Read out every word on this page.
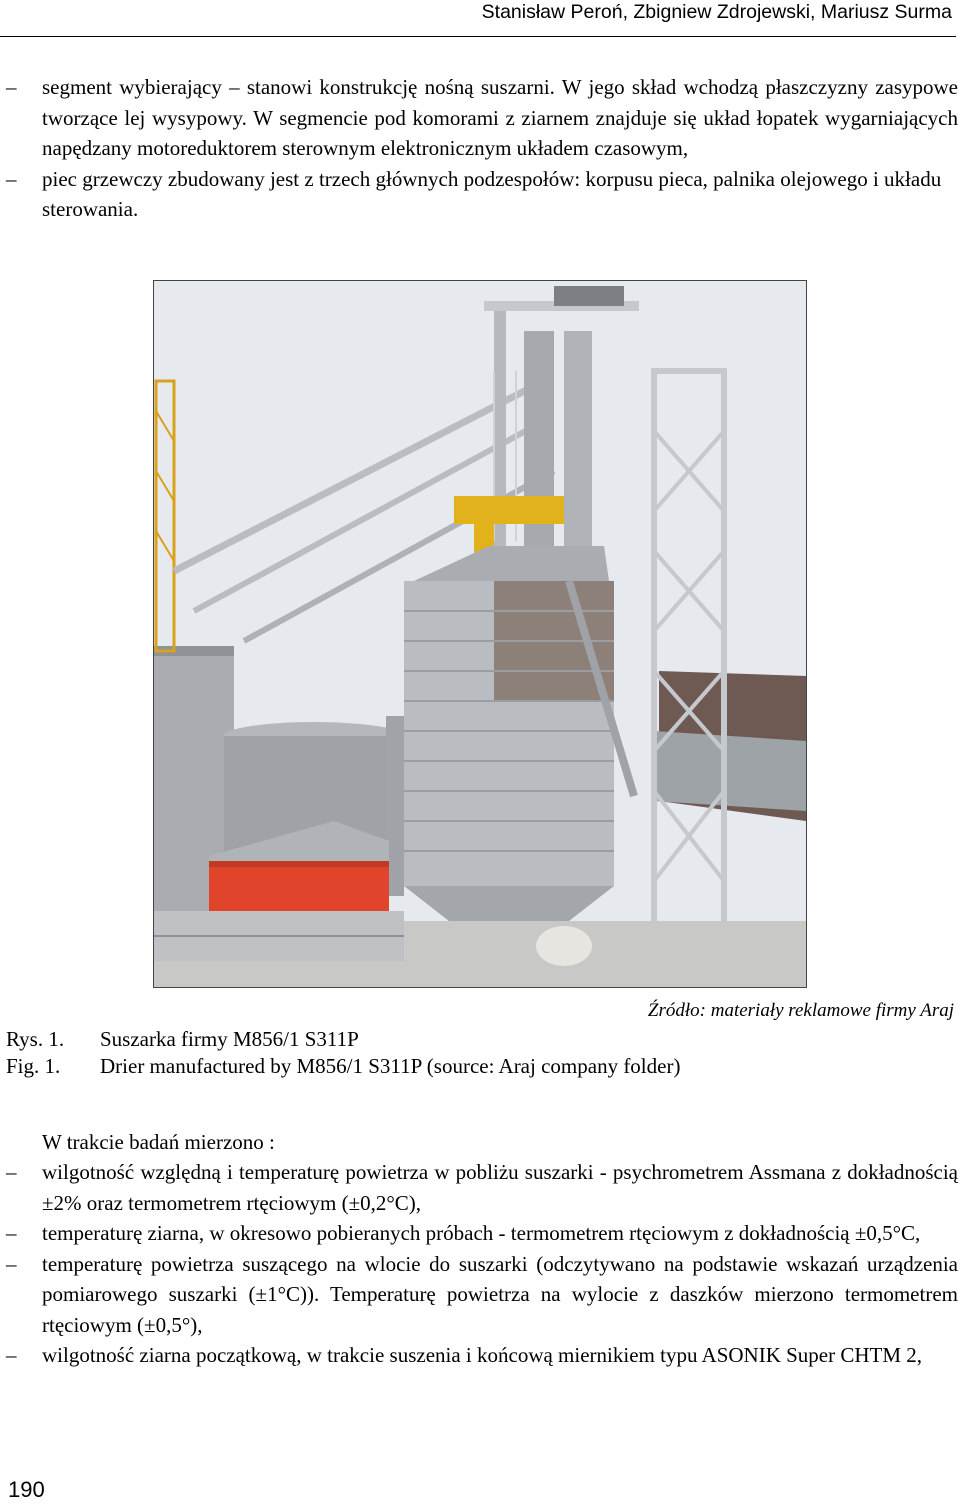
Stanisław Peroń, Zbigniew Zdrojewski, Mariusz Surma
– segment wybierający – stanowi konstrukcję nośną suszarni. W jego skład wchodzą płaszczyzny zasypowe tworzące lej wysypowy. W segmencie pod komorami z ziarnem znajduje się układ łopatek wygarniających napędzany motoreduktorem sterownym elektronicznym układem czasowym,
– piec grzewczy zbudowany jest z trzech głównych podzespołów: korpusu pieca, palnika olejowego i układu sterowania.
Źródło: materiały reklamowe firmy Araj
Rys. 1. Suszarka firmy M856/1 S311P
Fig. 1. Drier manufactured by M856/1 S311P (source: Araj company folder)
W trakcie badań mierzono :
– wilgotność względną i temperaturę powietrza w pobliżu suszarki - psychrometrem Assmana z dokładnością ±2% oraz termometrem rtęciowym (±0,2°C),
– temperaturę ziarna, w okresowo pobieranych próbach - termometrem rtęciowym z dokładnością ±0,5°C,
– temperaturę powietrza suszącego na wlocie do suszarki (odczytywano na podstawie wskazań urządzenia pomiarowego suszarki (±1°C)). Temperaturę powietrza na wylocie z daszków mierzono termometrem rtęciowym (±0,5°),
– wilgotność ziarna początkową, w trakcie suszenia i końcową miernikiem typu ASONIK Super CHTM 2,
190
